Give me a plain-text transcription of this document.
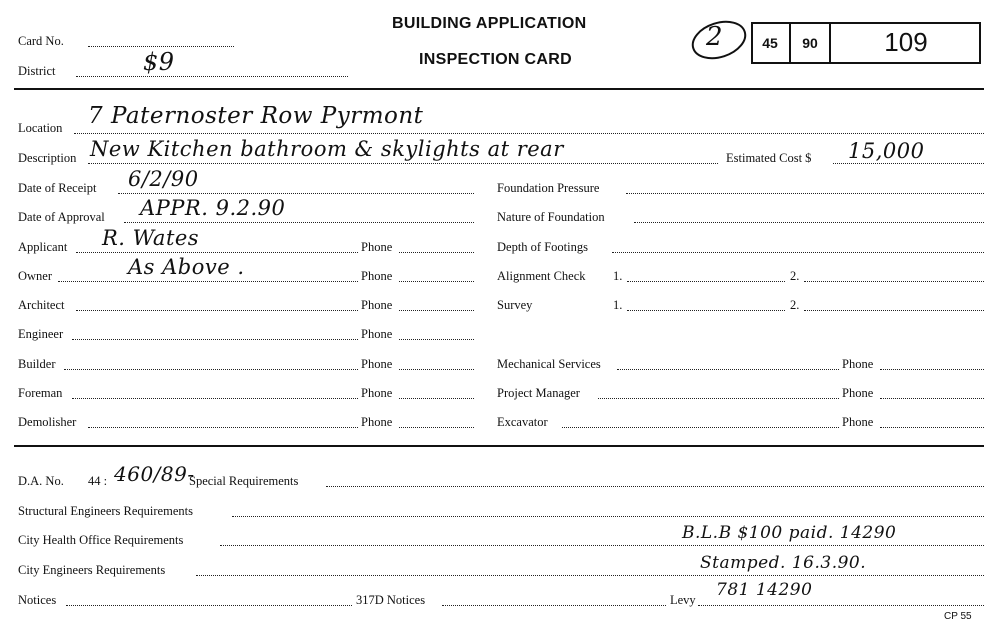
Card No.
District	$9
BUILDING APPLICATION
INSPECTION CARD
2	45	90	109
Location 7 Paternoster Row Pyrmont
Description New Kitchen bathroom & skylights at rear	Estimated Cost $ 15,000
Date of Receipt 6/2/90
Date of Approval APPR. 9.2.90
Applicant R. Wates	Phone
Owner	As Above .	Phone
Architect	Phone
Engineer	Phone
Builder	Phone
Foreman	Phone
Demolisher	Phone
Foundation Pressure
Nature of Foundation
Depth of Footings
Alignment Check 1.	2.
Survey	1.	2.
Mechanical Services	Phone
Project Manager	Phone
Excavator	Phone
D.A. No. 44 : 460/89-
Special Requirements
Structural Engineers Requirements
City Health Office Requirements	B.L.B $100 paid. 14290
City Engineers Requirements	Stamped. 16.3.90.
Notices	317D Notices	Levy 781 14290
CP 55
